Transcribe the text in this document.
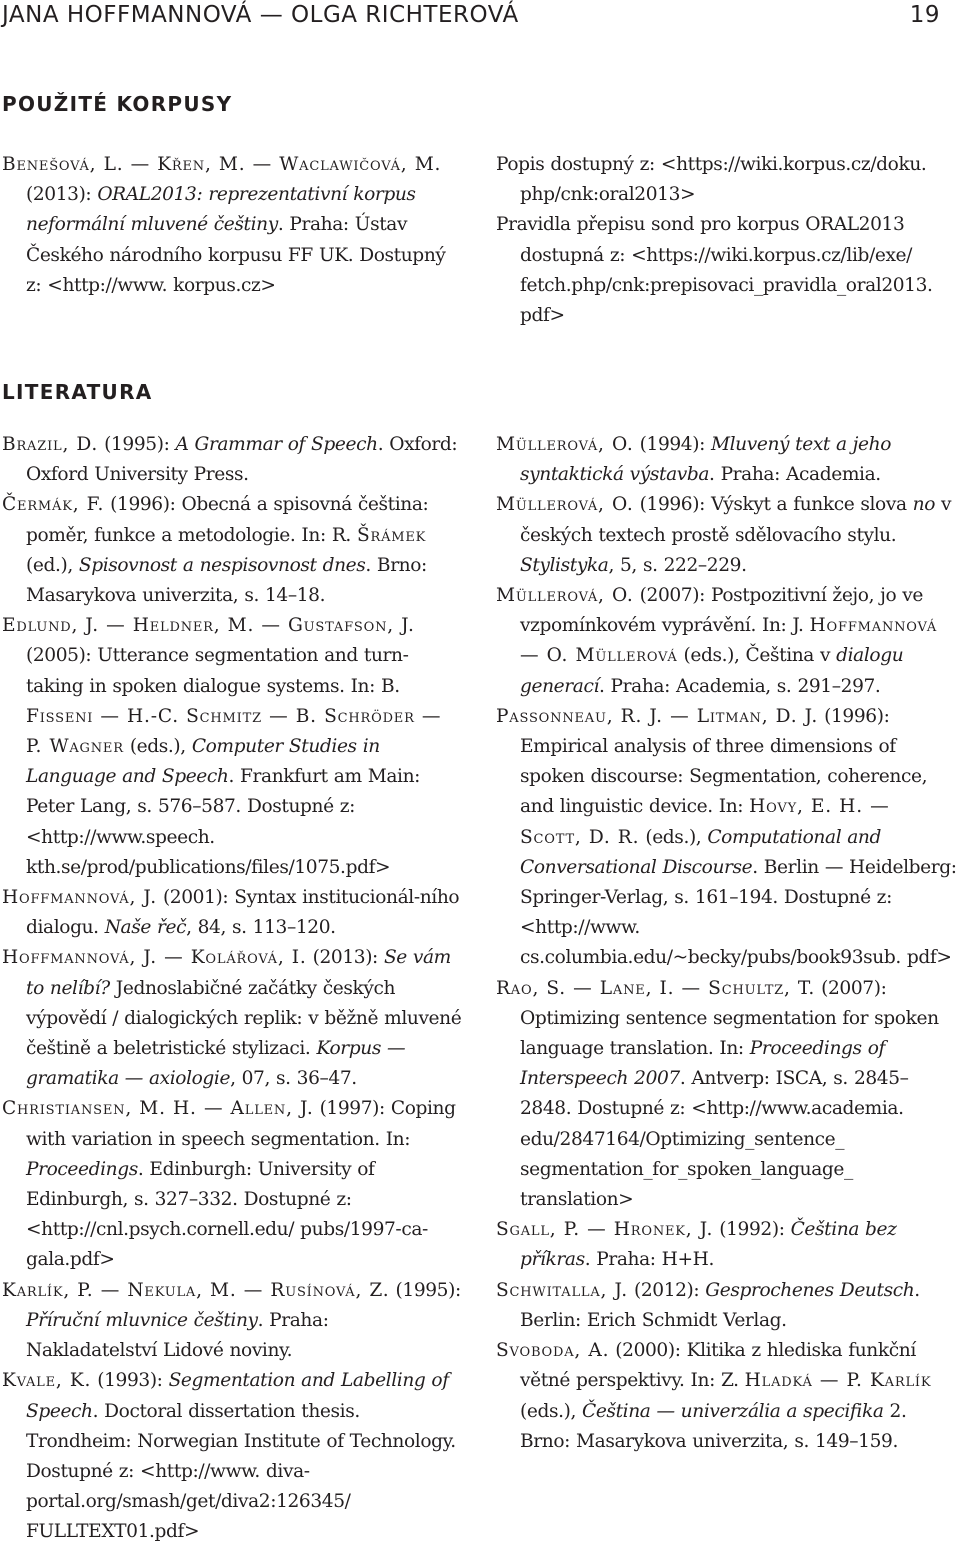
JANA HOFFMANNOVÁ — OLGA RICHTEROVÁ	19
POUŽITÉ KORPUSY

Benešová, L. — Křen, M. — Waclawičová, M. (2013): ORAL2013: reprezentativní korpus neformální mluvené češtiny. Praha: Ústav Českého národního korpusu FF UK. Dostupný z: <http://www. korpus.cz>

Popis dostupný z: <https://wiki.korpus.cz/doku. php/cnk:oral2013>

Pravidla přepisu sond pro korpus ORAL2013 dostupná z: <https://wiki.korpus.cz/lib/exe/ fetch.php/cnk:prepisovaci_pravidla_oral2013. pdf>

LITERATURA

Brazil, D. (1995): A Grammar of Speech. Oxford: Oxford University Press.

Čermák, F. (1996): Obecná a spisovná čeština: poměr, funkce a metodologie. In: R. Šrámek (ed.), Spisovnost a nespisovnost dnes. Brno: Masarykova univerzita, s. 14–18.

Edlund, J. — Heldner, M. — Gustafson, J. (2005): Utterance segmentation and turn-taking in spoken dialogue systems. In: B. Fisseni — H.-C. Schmitz — B. Schröder — P. Wagner (eds.), Computer Studies in Language and Speech. Frankfurt am Main: Peter Lang, s. 576–587. Dostupné z: <http://www.speech. kth.se/prod/publications/files/1075.pdf>

Hoffmannová, J. (2001): Syntax institucionál-ního dialogu. Naše řeč, 84, s. 113–120.

Hoffmannová, J. — Kolářová, I. (2013): Se vám to nelíbí? Jednoslabičné začátky českých výpovědí / dialogických replik: v běžně mluvené češtině a beletristické stylizaci. Korpus — gramatika — axiologie, 07, s. 36–47.

Christiansen, M. H. — Allen, J. (1997): Coping with variation in speech segmentation. In: Proceedings. Edinburgh: University of Edinburgh, s. 327–332. Dostupné z: <http://cnl.psych.cornell.edu/ pubs/1997-ca-gala.pdf>

Karlík, P. — Nekula, M. — Rusínová, Z. (1995): Příruční mluvnice češtiny. Praha: Nakladatelství Lidové noviny.

Kvale, K. (1993): Segmentation and Labelling of Speech. Doctoral dissertation thesis. Trondheim: Norwegian Institute of Technology. Dostupné z: <http://www. diva-portal.org/smash/get/diva2:126345/ FULLTEXT01.pdf>

Müllerová, O. (1994): Mluvený text a jeho syntaktická výstavba. Praha: Academia.

Müllerová, O. (1996): Výskyt a funkce slova no v českých textech prostě sdělovacího stylu. Stylistyka, 5, s. 222–229.

Müllerová, O. (2007): Postpozitivní žejo, jo ve vzpomínkovém vyprávění. In: J. Hoffmannová — O. Müllerová (eds.), Čeština v dialogu generací. Praha: Academia, s. 291–297.

Passonneau, R. J. — Litman, D. J. (1996): Empirical analysis of three dimensions of spoken discourse: Segmentation, coherence, and linguistic device. In: Hovy, E. H. — Scott, D. R. (eds.), Computational and Conversational Discourse. Berlin — Heidelberg: Springer-Verlag, s. 161–194. Dostupné z: <http://www. cs.columbia.edu/~becky/pubs/book93sub. pdf>

Rao, S. — Lane, I. — Schultz, T. (2007): Optimizing sentence segmentation for spoken language translation. In: Proceedings of Interspeech 2007. Antverp: ISCA, s. 2845–2848. Dostupné z: <http://www.academia. edu/2847164/Optimizing_sentence_ segmentation_for_spoken_language_ translation>

Sgall, P. — Hronek, J. (1992): Čeština bez příkras. Praha: H+H.

Schwitalla, J. (2012): Gesprochenes Deutsch. Berlin: Erich Schmidt Verlag.

Svoboda, A. (2000): Klitika z hlediska funkční větné perspektivy. In: Z. Hladká — P. Karlík (eds.), Čeština — univerzália a specifika 2. Brno: Masarykova univerzita, s. 149–159.
